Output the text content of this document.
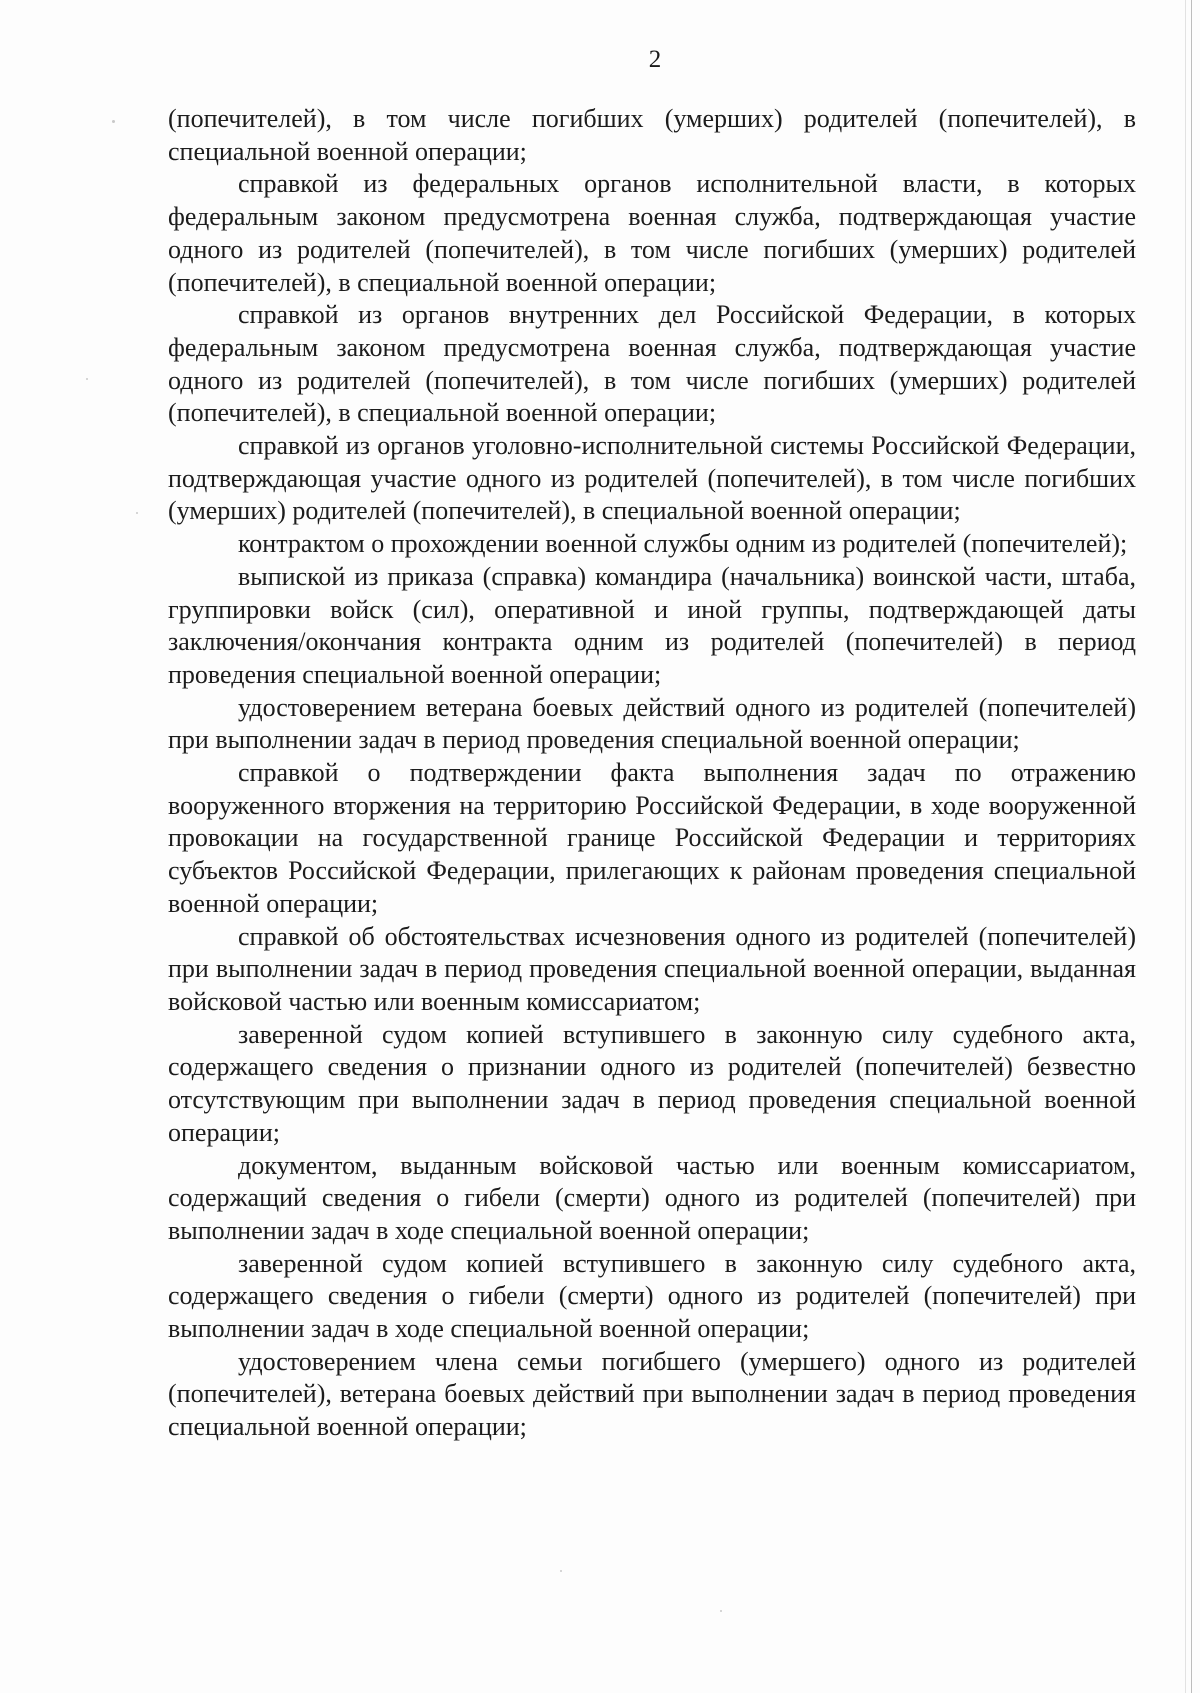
2

(попечителей), в том числе погибших (умерших) родителей (попечителей), в специальной военной операции;

справкой из федеральных органов исполнительной власти, в которых федеральным законом предусмотрена военная служба, подтверждающая участие одного из родителей (попечителей), в том числе погибших (умерших) родителей (попечителей), в специальной военной операции;

справкой из органов внутренних дел Российской Федерации, в которых федеральным законом предусмотрена военная служба, подтверждающая участие одного из родителей (попечителей), в том числе погибших (умерших) родителей (попечителей), в специальной военной операции;

справкой из органов уголовно-исполнительной системы Российской Федерации, подтверждающая участие одного из родителей (попечителей), в том числе погибших (умерших) родителей (попечителей), в специальной военной операции;

контрактом о прохождении военной службы одним из родителей (попечителей);

выпиской из приказа (справка) командира (начальника) воинской части, штаба, группировки войск (сил), оперативной и иной группы, подтверждающей даты заключения/окончания контракта одним из родителей (попечителей) в период проведения специальной военной операции;

удостоверением ветерана боевых действий одного из родителей (попечителей) при выполнении задач в период проведения специальной военной операции;

справкой о подтверждении факта выполнения задач по отражению вооруженного вторжения на территорию Российской Федерации, в ходе вооруженной провокации на государственной границе Российской Федерации и территориях субъектов Российской Федерации, прилегающих к районам проведения специальной военной операции;

справкой об обстоятельствах исчезновения одного из родителей (попечителей) при выполнении задач в период проведения специальной военной операции, выданная войсковой частью или военным комиссариатом;

заверенной судом копией вступившего в законную силу судебного акта, содержащего сведения о признании одного из родителей (попечителей) безвестно отсутствующим при выполнении задач в период проведения специальной военной операции;

документом, выданным войсковой частью или военным комиссариатом, содержащий сведения о гибели (смерти) одного из родителей (попечителей) при выполнении задач в ходе специальной военной операции;

заверенной судом копией вступившего в законную силу судебного акта, содержащего сведения о гибели (смерти) одного из родителей (попечителей) при выполнении задач в ходе специальной военной операции;

удостоверением члена семьи погибшего (умершего) одного из родителей (попечителей), ветерана боевых действий при выполнении задач в период проведения специальной военной операции;
